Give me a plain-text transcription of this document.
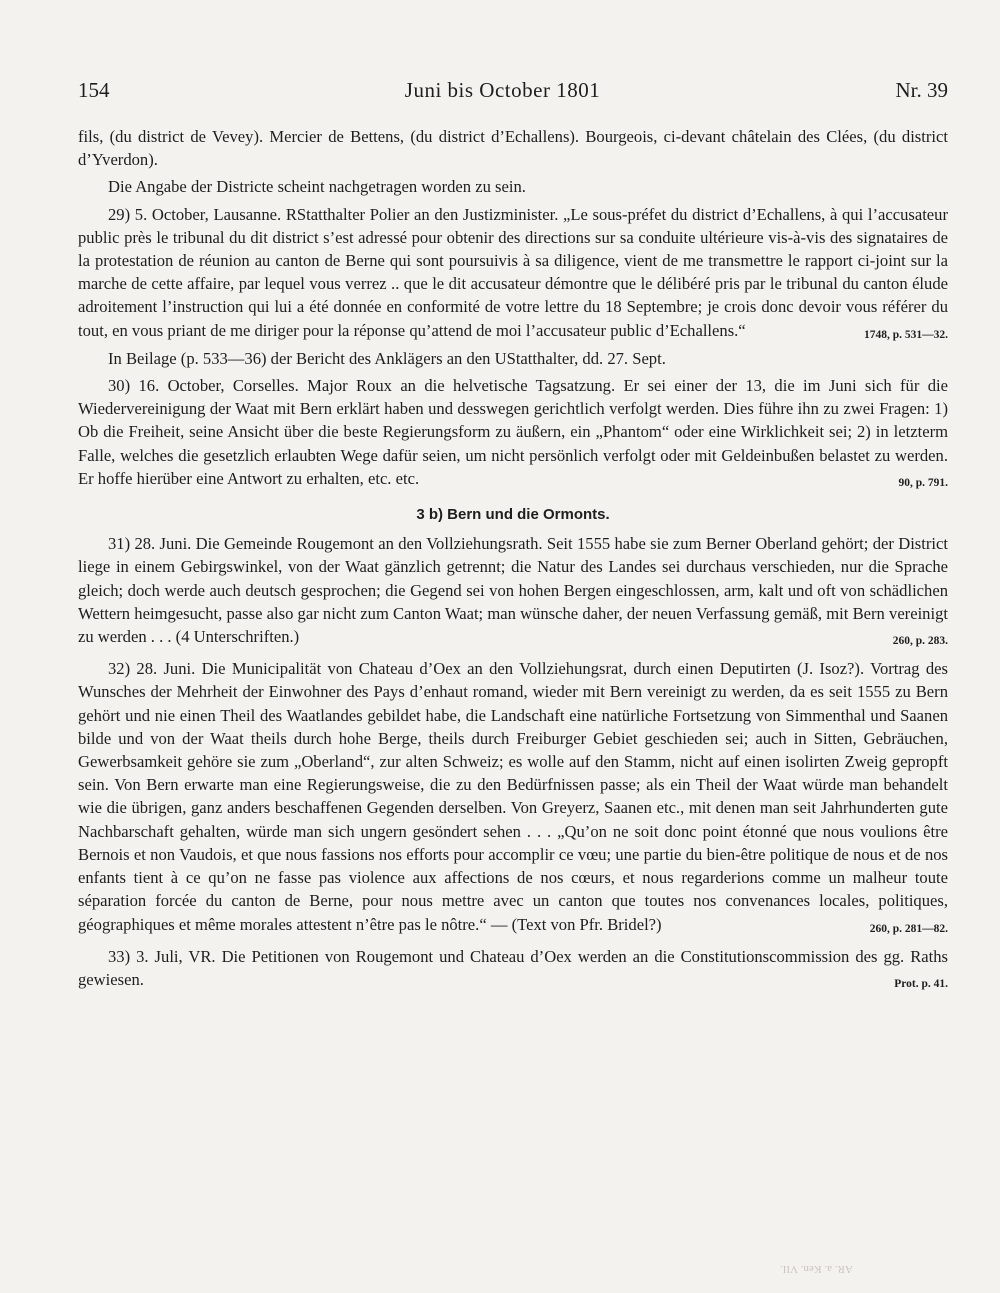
154	Juni bis October 1801	Nr. 39

fils, (du district de Vevey). Mercier de Bettens, (du district d’Echallens). Bourgeois, ci-devant châtelain des Clées, (du district d’Yverdon).

Die Angabe der Districte scheint nachgetragen worden zu sein.

29) 5. October, Lausanne. RStatthalter Polier an den Justizminister. „Le sous-préfet du district d’Echallens, à qui l’accusateur public près le tribunal du dit district s’est adressé pour obtenir des directions sur sa conduite ultérieure vis-à-vis des signataires de la protestation de réunion au canton de Berne qui sont poursuivis à sa diligence, vient de me transmettre le rapport ci-joint sur la marche de cette affaire, par lequel vous verrez .. que le dit accusateur démontre que le délibéré pris par le tribunal du canton élude adroitement l’instruction qui lui a été donnée en conformité de votre lettre du 18 Septembre; je crois donc devoir vous référer du tout, en vous priant de me diriger pour la réponse qu’attend de moi l’accusateur public d’Echallens.“	1748, p. 531—32.

In Beilage (p. 533—36) der Bericht des Anklägers an den UStatthalter, dd. 27. Sept.

30) 16. October, Corselles. Major Roux an die helvetische Tagsatzung. Er sei einer der 13, die im Juni sich für die Wiedervereinigung der Waat mit Bern erklärt haben und desswegen gerichtlich verfolgt werden. Dies führe ihn zu zwei Fragen: 1) Ob die Freiheit, seine Ansicht über die beste Regierungsform zu äußern, ein „Phantom“ oder eine Wirklichkeit sei; 2) in letzterm Falle, welches die gesetzlich erlaubten Wege dafür seien, um nicht persönlich verfolgt oder mit Geldeinbußen belastet zu werden. Er hoffe hierüber eine Antwort zu erhalten, etc. etc.	90, p. 791.

3 b) Bern und die Ormonts.

31) 28. Juni. Die Gemeinde Rougemont an den Vollziehungsrath. Seit 1555 habe sie zum Berner Oberland gehört; der District liege in einem Gebirgswinkel, von der Waat gänzlich getrennt; die Natur des Landes sei durchaus verschieden, nur die Sprache gleich; doch werde auch deutsch gesprochen; die Gegend sei von hohen Bergen eingeschlossen, arm, kalt und oft von schädlichen Wettern heimgesucht, passe also gar nicht zum Canton Waat; man wünsche daher, der neuen Verfassung gemäß, mit Bern vereinigt zu werden . . . (4 Unterschriften.)	260, p. 283.

32) 28. Juni. Die Municipalität von Chateau d’Oex an den Vollziehungsrat, durch einen Deputirten (J. Isoz?). Vortrag des Wunsches der Mehrheit der Einwohner des Pays d’enhaut romand, wieder mit Bern vereinigt zu werden, da es seit 1555 zu Bern gehört und nie einen Theil des Waatlandes gebildet habe, die Landschaft eine natürliche Fortsetzung von Simmenthal und Saanen bilde und von der Waat theils durch hohe Berge, theils durch Freiburger Gebiet geschieden sei; auch in Sitten, Gebräuchen, Gewerbsamkeit gehöre sie zum „Oberland“, zur alten Schweiz; es wolle auf den Stamm, nicht auf einen isolirten Zweig gepropft sein. Von Bern erwarte man eine Regierungsweise, die zu den Bedürfnissen passe; als ein Theil der Waat würde man behandelt wie die übrigen, ganz anders beschaffenen Gegenden derselben. Von Greyerz, Saanen etc., mit denen man seit Jahrhunderten gute Nachbarschaft gehalten, würde man sich ungern gesöndert sehen . . . „Qu’on ne soit donc point étonné que nous voulions être Bernois et non Vaudois, et que nous fassions nos efforts pour accomplir ce vœu; une partie du bien-être politique de nous et de nos enfants tient à ce qu’on ne fasse pas violence aux affections de nos cœurs, et nous regarderions comme un malheur toute séparation forcée du canton de Berne, pour nous mettre avec un canton que toutes nos convenances locales, politiques, géographiques et même morales attestent n’être pas le nôtre.“ — (Text von Pfr. Bridel?)	260, p. 281—82.

33) 3. Juli, VR. Die Petitionen von Rougemont und Chateau d’Oex werden an die Constitutionscommission des gg. Raths gewiesen.	Prot. p. 41.

AR. a. Ken. VII.
